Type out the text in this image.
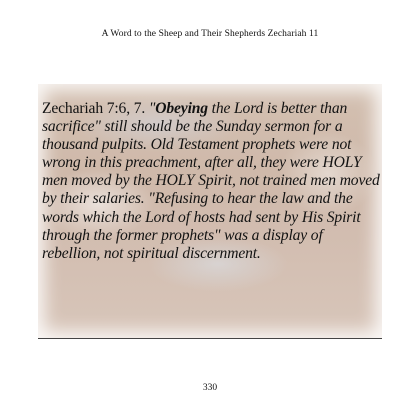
A Word to the Sheep and Their Shepherds Zechariah 11

Zechariah 7:6, 7. "Obeying the Lord is better than sacrifice" still should be the Sunday sermon for a thousand pulpits. Old Testament prophets were not wrong in this preachment, after all, they were HOLY men moved by the HOLY Spirit, not trained men moved by their salaries. "Refusing to hear the law and the words which the Lord of hosts had sent by His Spirit through the former prophets" was a display of rebellion, not spiritual discernment.

330
